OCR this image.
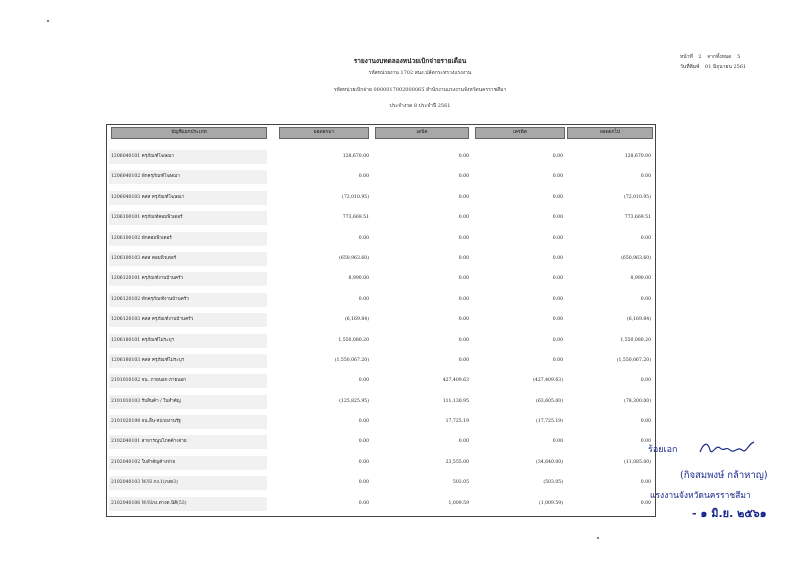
รายงานงบทดลองหน่วยเบิกจ่ายรายเดือน
รหัสหน่วยงาน 1702 สนง.ปลัดกระทรวงแรงงาน
รหัสหน่วยเบิกจ่าย 0000017002000065 สำนักงานแรงงานจังหวัดนครราชสีมา
ประจำงวด 8 ประจำปี 2561
หน้าที่ 2 จากทั้งหมด 5
วันที่พิมพ์ 01 มิถุนายน 2561
บัญชีแยกประเภท	ยอดยกมา	เดบิต	เครดิต	ยอดยกไป
1206040101 ครุภัณฑ์โฆษณา	128,670.00	0.00	0.00	128,670.00
1206040102 พักครุภัณฑ์โฆษณา	0.00	0.00	0.00	0.00
1206040103 คสส ครุภัณฑ์โฆษณา	(72,010.95)	0.00	0.00	(72,010.95)
1206100101 ครุภัณฑ์คอมพิวเตอร์	773,669.51	0.00	0.00	773,669.51
1206100102 พักคอมพิวเตอร์	0.00	0.00	0.00	0.00
1206100103 คสส คอมพิวเตอร์	(650,963.60)	0.00	0.00	(650,963.60)
1206120101 ครุภัณฑ์งานบ้านครัว	8,990.00	0.00	0.00	8,990.00
1206120102 พักครุภัณฑ์งานบ้านครัว	0.00	0.00	0.00	0.00
1206120103 คสส ครุภัณฑ์งานบ้านครัว	(6,169.84)	0.00	0.00	(6,169.84)
1206180101 ครุภัณฑ์ไม่ระบุฯ	1,550,080.20	0.00	0.00	1,550,080.20
1206180103 คสส ครุภัณฑ์ไม่ระบุฯ	(1,550,067.20)	0.00	0.00	(1,550,067.20)
2101010102 จน. ภายนอก-ภายนอก	0.00	427,409.63	(427,409.63)	0.00
2101010103 รับสินค้า / ใบสำคัญ	(125,825.95)	111,130.95	(63,605.00)	(78,300.00)
2101020198 จน.อื่น-หน่วยงานรัฐ	0.00	17,725.19	(17,725.19)	0.00
2102040101 สาธารณูปโภคค้างจ่าย	0.00	0.00	0.00	0.00
2102040102 ใบสำคัญค้างจ่าย	0.00	23,555.00	(34,640.00)	(11,085.00)
2102040103 W/H ภง.1(ภงด3)	0.00	503.05	(503.05)	0.00
2102040106 W/Hภง.ต่างด.นิติ(53)	0.00	1,009.59	(1,009.59)	0.00
ร้อยเอก
(กิจสมพงษ์ กล้าหาญ)
แรงงานจังหวัดนครราชสีมา
- ๑ มิ.ย. ๒๕๖๑
